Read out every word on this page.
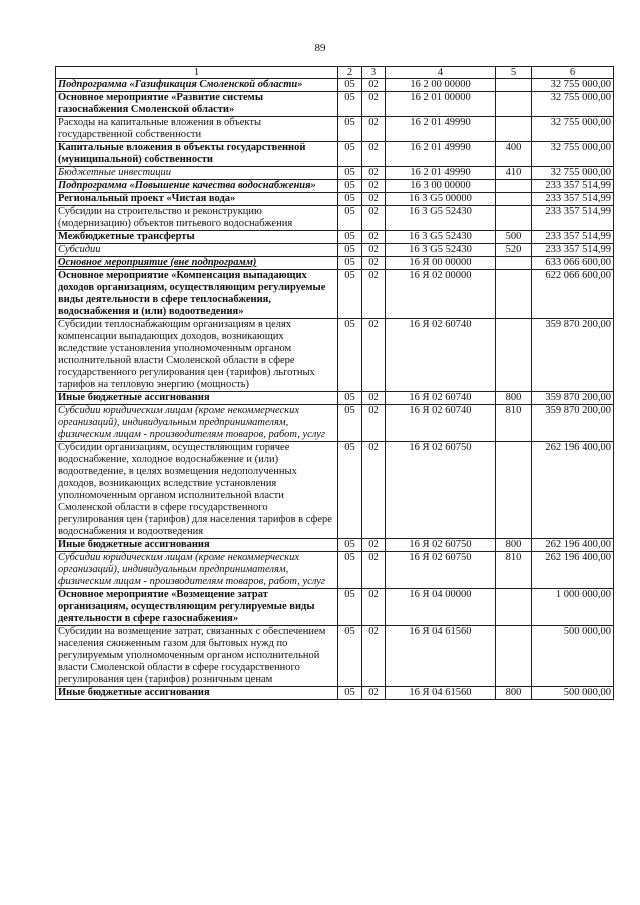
89
1	2	3	4	5	6
Подпрограмма «Газификация Смоленской области»	05	02	16 2 00 00000		32 755 000,00
Основное мероприятие «Развитие системы газоснабжения Смоленской области»	05	02	16 2 01 00000		32 755 000,00
Расходы на капитальные вложения в объекты государственной собственности	05	02	16 2 01 49990		32 755 000,00
Капитальные вложения в объекты государственной (муниципальной) собственности	05	02	16 2 01 49990	400	32 755 000,00
Бюджетные инвестиции	05	02	16 2 01 49990	410	32 755 000,00
Подпрограмма «Повышение качества водоснабжения»	05	02	16 3 00 00000		233 357 514,99
Региональный проект «Чистая вода»	05	02	16 3 G5 00000		233 357 514,99
Субсидии на строительство и реконструкцию (модернизацию) объектов питьевого водоснабжения	05	02	16 3 G5 52430		233 357 514,99
Межбюджетные трансферты	05	02	16 3 G5 52430	500	233 357 514,99
Субсидии	05	02	16 3 G5 52430	520	233 357 514,99
Основное мероприятие (вне подпрограмм)	05	02	16 Я 00 00000		633 066 600,00
Основное мероприятие «Компенсация выпадающих доходов организациям, осуществляющим регулируемые виды деятельности в сфере теплоснабжения, водоснабжения и (или) водоотведения»	05	02	16 Я 02 00000		622 066 600,00
Субсидии теплоснабжающим организациям в целях компенсации выпадающих доходов, возникающих вследствие установления уполномоченным органом исполнительной власти Смоленской области в сфере государственного регулирования цен (тарифов) льготных тарифов на тепловую энергию (мощность)	05	02	16 Я 02 60740		359 870 200,00
Иные бюджетные ассигнования	05	02	16 Я 02 60740	800	359 870 200,00
Субсидии юридическим лицам (кроме некоммерческих организаций), индивидуальным предпринимателям, физическим лицам - производителям товаров, работ, услуг	05	02	16 Я 02 60740	810	359 870 200,00
Субсидии организациям, осуществляющим горячее водоснабжение, холодное водоснабжение и (или) водоотведение, в целях возмещения недополученных доходов, возникающих вследствие установления уполномоченным органом исполнительной власти Смоленской области в сфере государственного регулирования цен (тарифов) для населения тарифов в сфере водоснабжения и водоотведения	05	02	16 Я 02 60750		262 196 400,00
Иные бюджетные ассигнования	05	02	16 Я 02 60750	800	262 196 400,00
Субсидии юридическим лицам (кроме некоммерческих организаций), индивидуальным предпринимателям, физическим лицам - производителям товаров, работ, услуг	05	02	16 Я 02 60750	810	262 196 400,00
Основное мероприятие «Возмещение затрат организациям, осуществляющим регулируемые виды деятельности в сфере газоснабжения»	05	02	16 Я 04 00000		1 000 000,00
Субсидии на возмещение затрат, связанных с обеспечением населения сжиженным газом для бытовых нужд по регулируемым уполномоченным органом исполнительной власти Смоленской области в сфере государственного регулирования цен (тарифов) розничным ценам	05	02	16 Я 04 61560		500 000,00
Иные бюджетные ассигнования	05	02	16 Я 04 61560	800	500 000,00
